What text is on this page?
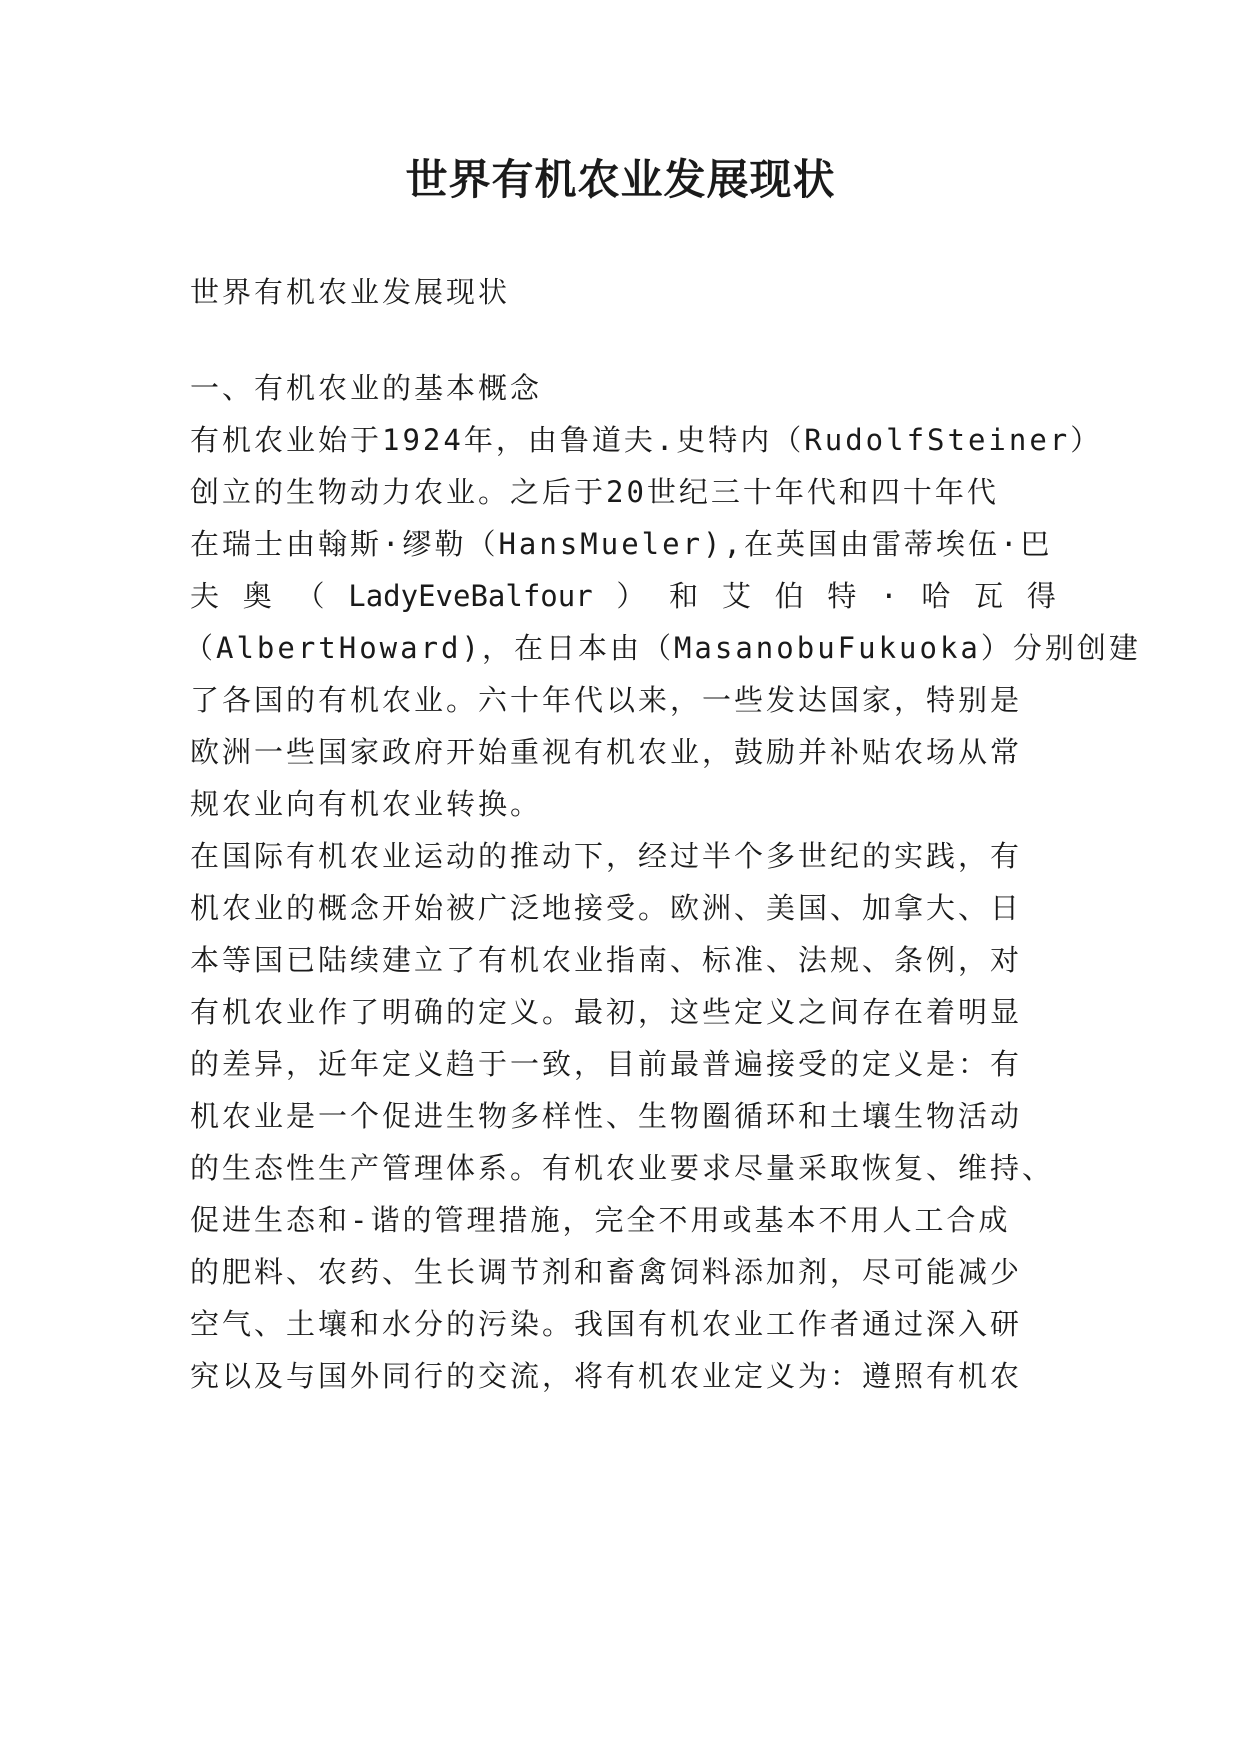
世界有机农业发展现状

世界有机农业发展现状

一、有机农业的基本概念

有机农业始于1924年，由鲁道夫.史特内（RudolfSteiner）

创立的生物动力农业。之后于20世纪三十年代和四十年代

在瑞士由翰斯·缪勒（HansMueler),在英国由雷蒂埃伍·巴

夫 奥 （ LadyEveBalfour ） 和 艾 伯 特 · 哈 瓦 得

（AlbertHoward)，在日本由（MasanobuFukuoka）分别创建

了各国的有机农业。六十年代以来，一些发达国家，特别是

欧洲一些国家政府开始重视有机农业，鼓励并补贴农场从常

规农业向有机农业转换。

在国际有机农业运动的推动下，经过半个多世纪的实践，有

机农业的概念开始被广泛地接受。欧洲、美国、加拿大、日

本等国已陆续建立了有机农业指南、标准、法规、条例，对

有机农业作了明确的定义。最初，这些定义之间存在着明显

的差异，近年定义趋于一致，目前最普遍接受的定义是：有

机农业是一个促进生物多样性、生物圈循环和土壤生物活动

的生态性生产管理体系。有机农业要求尽量采取恢复、维持、

促进生态和-谐的管理措施，完全不用或基本不用人工合成

的肥料、农药、生长调节剂和畜禽饲料添加剂，尽可能减少

空气、土壤和水分的污染。我国有机农业工作者通过深入研

究以及与国外同行的交流，将有机农业定义为：遵照有机农
